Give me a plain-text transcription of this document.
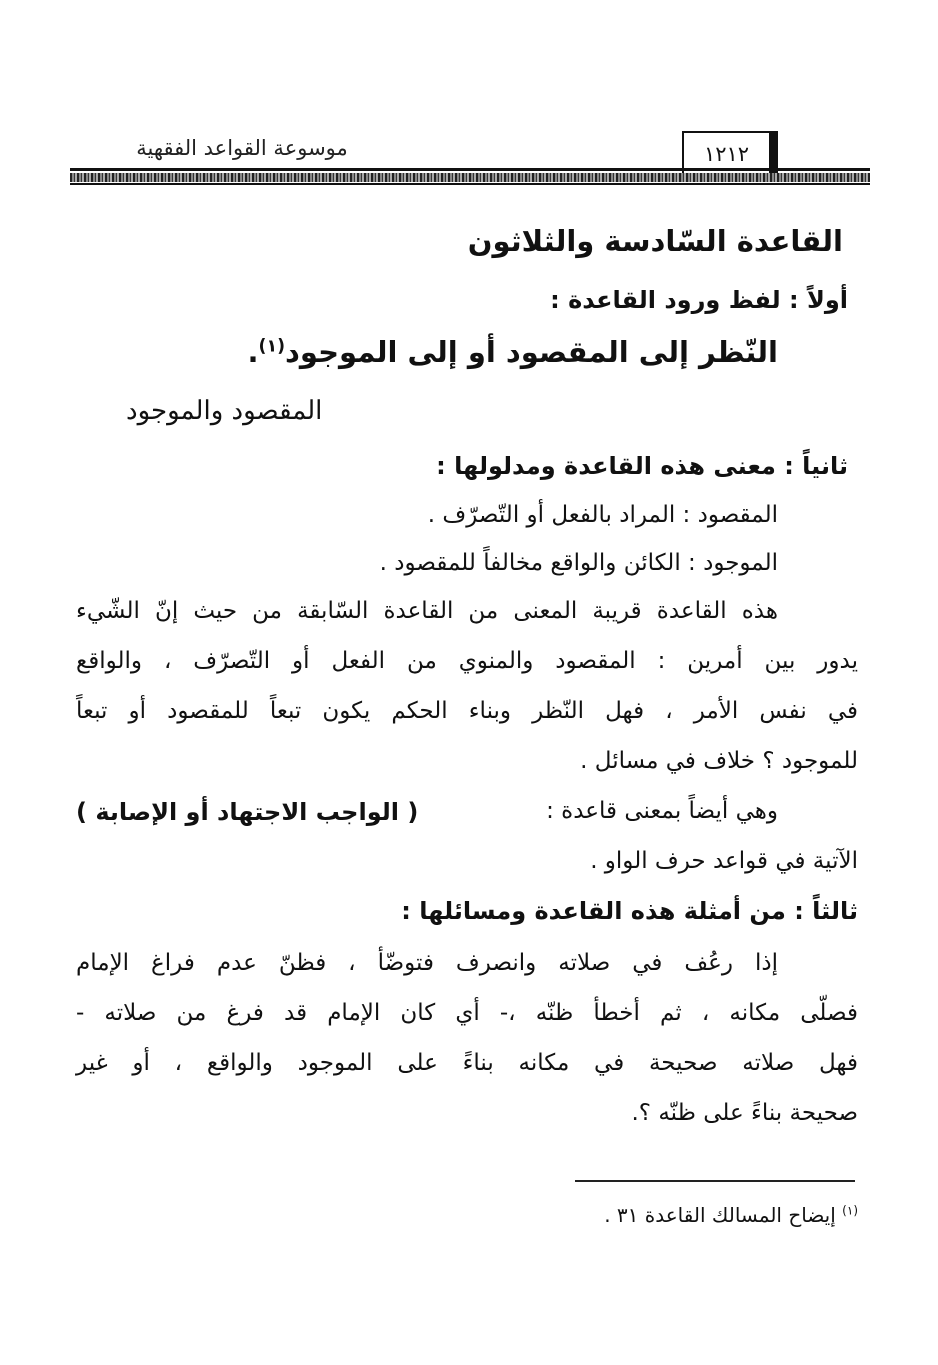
موسوعة القواعد الفقهية	١٢١٢
القاعدة السّادسة والثلاثون
أولاً : لفظ ورود القاعدة :
النّظر إلى المقصود أو إلى الموجود$^{(١)}$.
المقصود والموجود
ثانياً : معنى هذه القاعدة ومدلولها :
المقصود : المراد بالفعل أو التّصرّف .
الموجود : الكائن والواقع مخالفاً للمقصود .
هذه القاعدة قريبة المعنى من القاعدة السّابقة من حيث إنّ الشّيء
يدور بين أمرين : المقصود والمنوي من الفعل أو التّصرّف ، والواقع
في نفس الأمر ، فهل النّظر وبناء الحكم يكون تبعاً للمقصود أو تبعاً
للموجود ؟ خلاف في مسائل .
وهي أيضاً بمعنى قاعدة :
( الواجب الاجتهاد أو الإصابة )
الآتية في قواعد حرف الواو .
ثالثاً : من أمثلة هذه القاعدة ومسائلها :
إذا رعُف في صلاته وانصرف فتوضّأ ، فظنّ عدم فراغ الإمام
فصلّى مكانه ، ثم أخطأ ظنّه ،- أي كان الإمام قد فرغ من صلاته -
فهل صلاته صحيحة في مكانه بناءً على الموجود والواقع ، أو غير
صحيحة بناءً على ظنّه ؟.
$^{(١)}$ إيضاح المسالك القاعدة ٣١ .
